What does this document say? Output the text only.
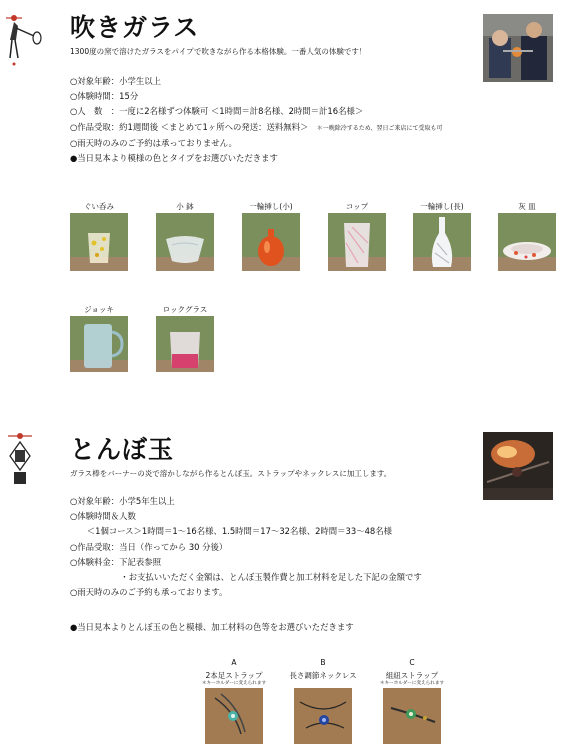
吹きガラス
1300度の窯で溶けたガラスをパイプで吹きながら作る本格体験。一番人気の体験です！
○対象年齢：小学生以上
○体験時間：15分
○人　数　：一度に2名様ずつ体験可 ＜1時間＝計8名様、2時間＝計16名様＞
○作品受取：約1週間後 ＜まとめて1ヶ所への発送：送料無料＞　 ＊一晩除冷するため、翌日ご来店にて受取も可
○雨天時のみのご予約は承っておりません。
●当日見本より模様の色とタイプをお選びいただきます
ぐい呑み	小 鉢	一輪挿し(小)	コップ	一輪挿し(長)	灰 皿
ジョッキ	ロックグラス
とんぼ玉
ガラス棒をバーナーの炎で溶かしながら作るとんぼ玉。ストラップやネックレスに加工します。
○対象年齢：小学5年生以上
○体験時間＆人数
　　＜1個コース＞1時間＝1～16名様、1.5時間＝17～32名様、2時間＝33～48名様
○作品受取：当日（作ってから 30 分後）
○体験料金：下記表参照
　　　　　　・お支払いいただく金額は、とんぼ玉製作費と加工材料を足した下記の金額です
○雨天時のみのご予約も承っております。
●当日見本よりとんぼ玉の色と模様、加工材料の色等をお選びいただきます
A
2本足ストラップ
＊キーホルダーに変えられます
B
長さ調節ネックレス
C
組紐ストラップ
＊キーホルダーに変えられます
